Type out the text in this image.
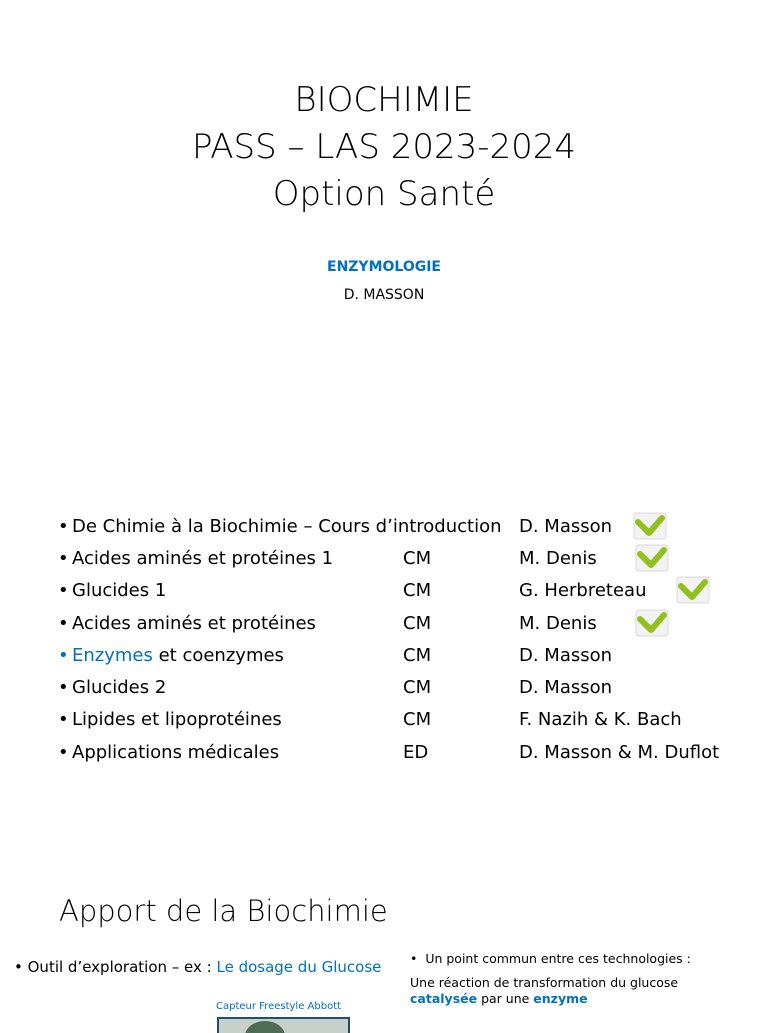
BIOCHIMIE
PASS – LAS 2023-2024
Option Santé
ENZYMOLOGIE
D. MASSON
• De Chimie à la Biochimie – Cours d’introduction D. Masson
• Acides aminés et protéines 1	CM	M. Denis
• Glucides 1	CM	G. Herbreteau
• Acides aminés et protéines	CM	M. Denis
• Enzymes et coenzymes	CM	D. Masson
• Glucides 2	CM	D. Masson
• Lipides et lipoprotéines	CM	F. Nazih & K. Bach
• Applications médicales	ED	D. Masson & M. Duflot
Apport de la Biochimie
• Outil d’exploration – ex : Le dosage du Glucose •  Un point commun entre ces technologies :
Une réaction de transformation du glucose
catalysée par une enzyme
Capteur Freestyle Abbott
